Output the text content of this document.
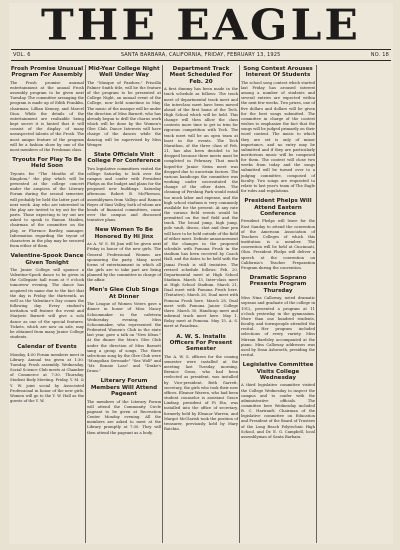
THE EAGLE
VOL. 6	SANTA BARBARA, CALIFORNIA, FRIDAY, FEBRUARY 13, 1925	NO. 18
Frosh Promise Unusual Program For Assembly
The Frosh promise unusual entertainment at the annual Frosh assembly program to be given next Tuesday. The committee arranging the program is made up of Edith Franklin, chairman; Lillian Kenney, and Marcel Dion. While the details of the entertainment are realizable being kept secret it is hinted that it will consist of the display of many unsuspected talents of the Frosh. The most unique feature of the program will be a fashion show by one of the most members of the Freshman class.
Tryouts For Play To Be Held Soon
Tryouts for "The Months of the Kingdom," the play which will be presented at the college concert under the auspices of the Literary Forum during the second semester, will probably be held the latter part of next week. Any who are interested in the play are invited to try out for the parts. Those expecting to try out are asked to speak to Ramon Maiden, chairman of the committee on the play, or Florence Bartley, manager. Information regarding the tryout of characters in the play may be secured from either of them.
Valentine-Spook Dance Given Tonight
The Junior College will sponsor a Valentine-Spook dance to be given in the Collegiate hall room at 9 o'clock tomorrow evening. The dance has acquired its name due to the fact that the day is Friday the thirteenth, as well as the Valentine's Day comes the following day. Every student's invitation will feature the event and Marjorie Barnett will give a solo dance as one of the special features. Tickets, which are now on sale, may be obtained from many Junior College students.
Calendar of Events
Monday, 4:00 Forum members meet in Library. Annual tea given at 1:30. Tuesday, Frosh assembly. Wednesday, Social Science Club meets at Chamber of Commerce at 7:30. Thursday, Student Body Meeting. Friday, Y. M. & Y. W. joint social by Associated Professional in honor of the new girls. Women will go to the Y. W. Hall as the guests of the Y. W.
Mid-Year College Night Well Under Way
The "Masque of Pandora," Priscilla Palmer Smith title, will be the feature of the program to be presented at College Night, an annual event of the College, now held sometime in May. The music of the masque will be under the direction of Miss Barnett, who has already begun to drill the chorus work which will be done by the Women's Glee Club. Dance Interests will have charge of the dances while the dancing will be supervised by Miss Wenger.
State Officials Visit College For Conference
Two legislative committees visited the college Saturday to look over the campus and confer with President Phelps on the budget and plans for the proposed new buildings. Saturday afternoon Robert B. McPherson, assemblymen from Vallejo and Ramon Reyes of Simi Valley, both of whom are heads of financial committees, came over the campus and discussed tentative plans.
New Women To Be Honored By Hi Jinx
As A. W. S. Hi Jinx will be given next Friday in honor of the new girls. The General Professional Women are sponsoring the party. Many novel forms of entertainment in which all the girls are to take part are being planned by the committee in charge of the affair.
Men's Glee Club Sings At Dinner
The League of Women Voters gave a dinner in honor of Miss Nancy Schoonmaker in the cafeteria Wednesday evening. Miss Schoonmaker, who represented the Federated Women's Club in the state last year, gave a talk on "New Ideas." At the dinner the Men's Glee Club under the direction of Miss Barnett sang a group of songs. The three selections sung by the Glee Club were "Mongolian Serenade" "Sea Wolf" and "Mr. Bonnie Lass" and "Drake's Drum."
Literary Forum Members Will Attend Pageant
The members of the Literary Forum will attend the Community Circle pageant to be given at Recreation Center Monday evening. All the members are asked to meet at the Library promptly at 7:30. They will then attend the pageant as a body.
Department Track Meet Scheduled For Feb. 20
A first dummy has been made in the track schedule as follows: The track meet of departmental track meet and the interclass meet have been moved ahead of the first home of the Tech. High School which will be held. This change will then allow the class contests more time to get in trim for rigorous competition with Tech. The track meet will be an open team at least in the events. The Tech Marathon, of the three class of Feb. 21, has also been decided to be dropped because three meets must be completed in February. That much hoped-for Junior Swim meet was dropped due to uncertain factors. The various handicaps the committee was working under necessitated the change of the other dates. The cleaning of Pershing Park would entail too much labor and expense, and the high school stadium is very commonly available for the present. At any rate the various field events would be permitted on the turf field and the track. The broad jump, high jump, pole vault, discus, shot and dear pen will have to be held outside of the field of either meet. Definite announcement of the changes in the proposed schedule with Pomona Frosh in the stadium has been received by Coach Hall, and the dates to be held with the Jamai Frosh is still tentative. The revised schedule follows: Feb. 20, Departmental meet at High School Stadium. March 13, Inter-class meet at High School Stadium. March 21, Dual meet with Pomona Frosh here. (Tentative). March 26, Dual meet with Pomona Frosh here. March 28, Dual meet with Pomona Junior College there. March 30, Handicap meet and informal track meet here. May 1, Relay meet at Pomona. May 15, A. S. meet at Pasadena.
A. W. S. Installs Officers For Present Semester
The A. W. S. officers for the coming semester were installed at the meeting last Tuesday morning. Bernice Gross, who had been reelected as president, was installed by Vice-president, Beth Garrett, secretary, the girls who took their new offices. Eleanor Warren, who had been student counselor is assistant Grace Lindsay, president of Pi Eta, was installed into the office of secretary, formerly held by Eleanor Warren, and Margot McClarish took the position of treasurer, previously held by Mary Ratchin.
Song Contest Arouses Interest Of Students
The school song contest which started last Friday has aroused interest among a number of students and several entries are expected within the next few weeks. Two prizes, one of five dollars and dollars will be given for the best songs submitted. The committee in charge of the contest wishes to emphasize the fact that the songs will be judged primarily on their word content. The music to which they are set is only of minor importance, and no entry may be submitted and if they are particularly meritorious music will be composed for them. The contest will close two weeks from today and the songs submitted will be turned over to a judging committee, composed of faculty. Two songs are requested to relate to last year's team of The Eagle for rules and regulations.
President Phelps Will Attend Eastern Conference
President Phelps will leave for the East Sunday to attend the convention of the American Association of Teachers Colleges of which this institution is a member. The convention will be held at Cincinnati, Ohio. President Phelps will deliver a speech at the convention on California's Teacher Preparation Program during the convention.
Dramatic Soprano Presents Program Thursday
Miss Nina Calloway, noted dramatic soprano and graduate of the college in 1912, presented a program at 11 o'clock yesterday in the gymnasium. More than one hundred students, faculty, and townspeople attended the recital. Her program included selections of every variety. Miss Mirram Bardsley accompanied at the piano. Miss Calloway addresses was used by Dean Ashworth, presiding the recital.
Legislative Committee Visits College Wednesday
A third legislative committee visited the College Wednesday to inspect the campus and to confer with the administrative officials. The committee here Wednesday included B. C. Hartranft, Chairman of the legislative committee on Education and President of the Board of Trustees of the Long Beach Polytechnic High School, and Dr. E. G. Campbell, local assemblyman of Santa Barbara.
